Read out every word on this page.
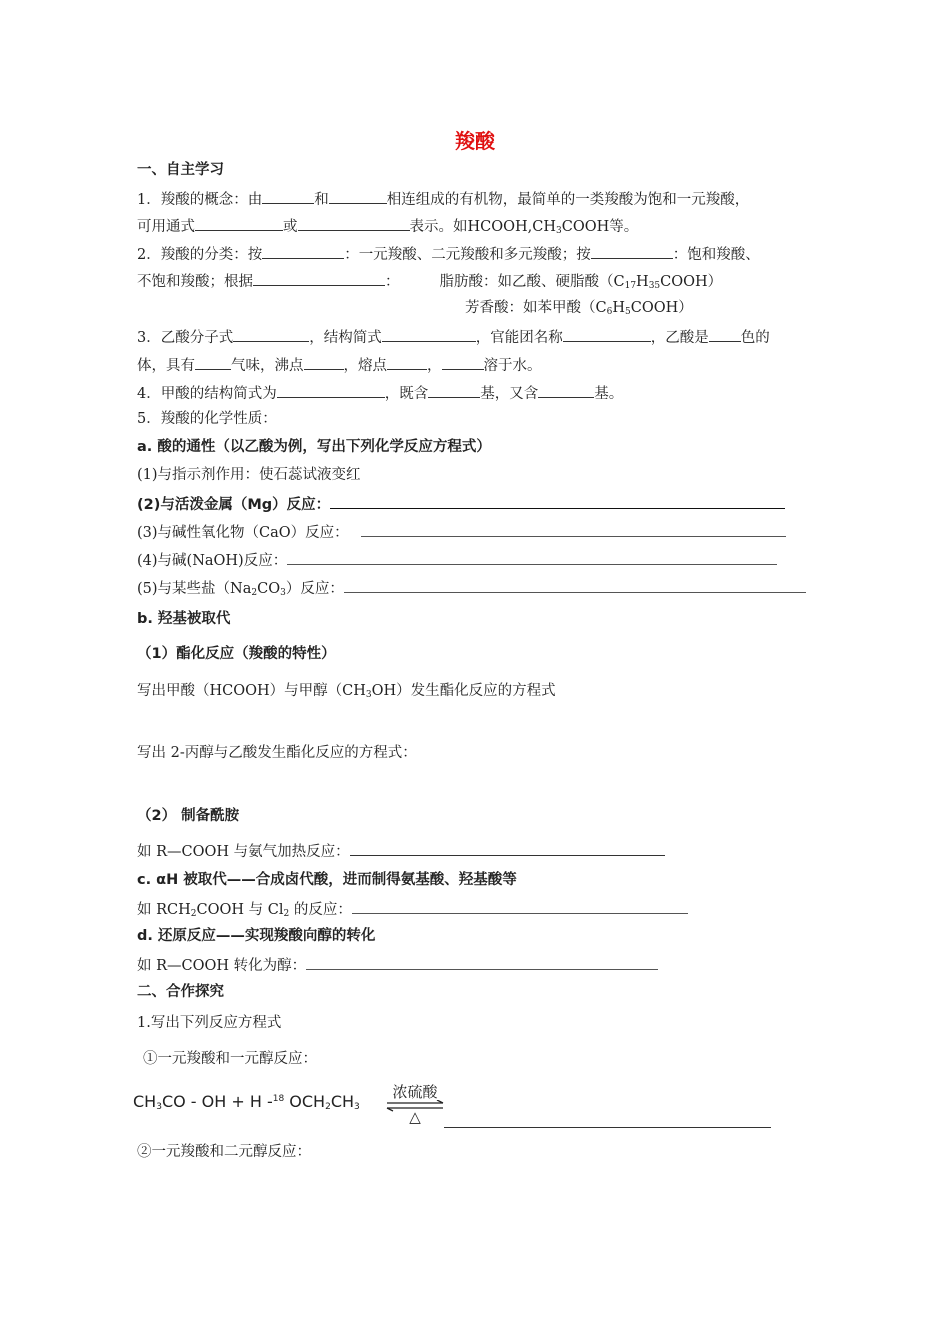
羧酸
一、自主学习
1．羧酸的概念：由	和	相连组成的有机物，最简单的一类羧酸为饱和一元羧酸，
可用通式	或	表示。如$HCOOH,CH_3COOH$等。
2．羧酸的分类：按	：一元羧酸、二元羧酸和多元羧酸；按	：饱和羧酸、
不饱和羧酸；根据	：	脂肪酸：如乙酸、硬脂酸$(C_{17}H_{35}COOH)$
芳香酸：如苯甲酸$(C_6H_5COOH)$
3．乙酸分子式	，结构简式	，官能团名称	，乙酸是 色的
体，具有 气味，沸点	，熔点	，	溶于水。
4．甲酸的结构简式为	，既含	基，又含	基。
5．羧酸的化学性质：
a. 酸的通性（以乙酸为例，写出下列化学反应方程式）
(1)与指示剂作用：使石蕊试液变红
(2)与活泼金属（Mg）反应：
(3)与碱性氧化物（CaO）反应：
(4)与碱(NaOH)反应：
(5)与某些盐$(Na_2CO_3)$反应：
b. 羟基被取代
（1）酯化反应（羧酸的特性）
写出甲酸（HCOOH）与甲醇$(CH_3OH)$发生酯化反应的方程式
写出 2-丙醇与乙酸发生酯化反应的方程式：
（2） 制备酰胺
如 R—COOH 与氨气加热反应：
c. αH 被取代——合成卤代酸，进而制得氨基酸、羟基酸等
如 $RCH_2COOH$ 与 $Cl_2$ 的反应：
d. 还原反应——实现羧酸向醇的转化
如 R—COOH 转化为醇：
二、合作探究
1.写出下列反应方程式
①一元羧酸和一元醇反应：
$CH_3CO$ - OH + H -$^{18}$ $OCH_2CH_3$
浓硫酸
△
②一元羧酸和二元醇反应：
